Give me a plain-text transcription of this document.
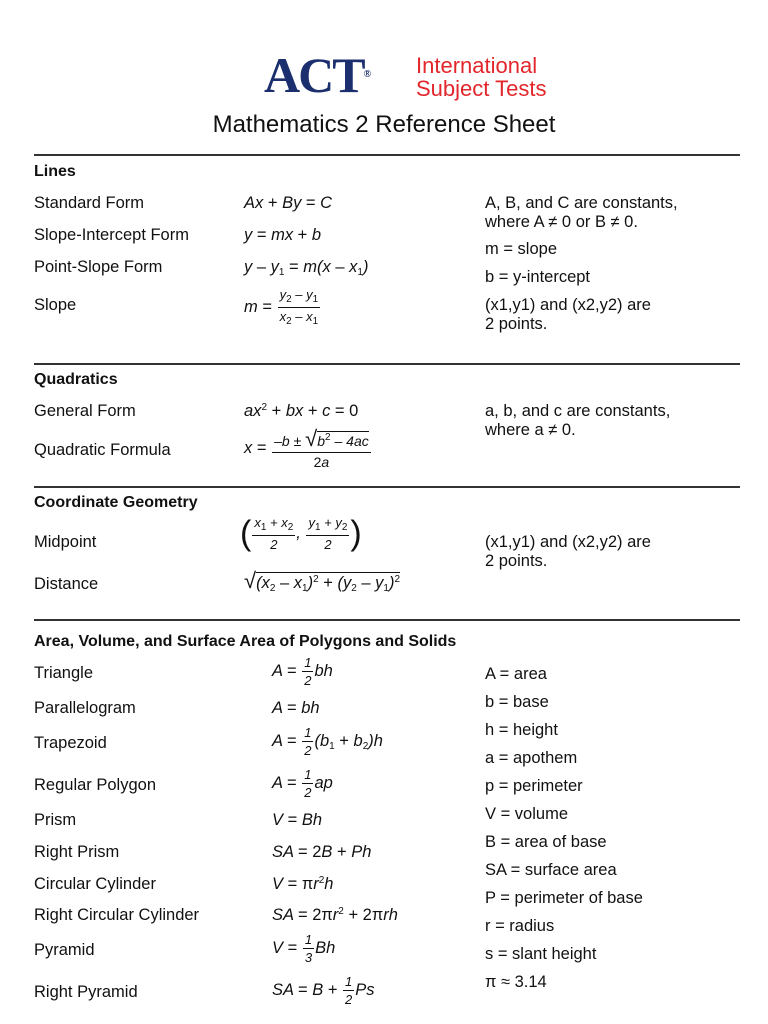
ACT® International
Subject Tests
Mathematics 2 Reference Sheet
Lines
Standard Form
Slope-Intercept Form
Point-Slope Form
Slope
Ax + By = C
y = mx + b
$y - y_1 = m(x - x_1)$
$m = \frac{y_2 - y_1}{x_2 - x_1}$
A, B, and C are constants,
where A ≠ 0 or B ≠ 0.
m = slope
b = y-intercept
(x1,y1) and (x2,y2) are
2 points.
Quadratics
General Form
Quadratic Formula
$ax^2$ + bx + c = 0
$x = \frac{-b \pm √b^2 - 4ac}{2a}$
a, b, and c are constants,
where a ≠ 0.
Coordinate Geometry
Midpoint
Distance
( $\frac{x_1 + x_2}{2}$ , $\frac{y_1 + y_2}{2}$ )
$√(x_2 - x_1)^2 + (y_2 - y_1)^2$
(x1,y1) and (x2,y2) are
2 points.
Area, Volume, and Surface Area of Polygons and Solids
Triangle
Parallelogram
Trapezoid
Regular Polygon
Prism
Right Prism
Circular Cylinder
Right Circular Cylinder
Pyramid
Right Pyramid
$A = \frac{1}{2}$ bh
A = bh
$A = \frac{1}{2} (b_1 + b_2)h$
$A = \frac{1}{2}$ ap
V = Bh
SA = 2B + Ph
$V = \pi r^2h$
SA = $2\pi r^2 + 2\pi rh$
$V = \frac{1}{3}$ Bh
SA = $B + \frac{1}{2}$ Ps
A = area
b = base
h = height
a = apothem
p = perimeter
V = volume
B = area of base
SA = surface area
P = perimeter of base
r = radius
s = slant height
π ≈ 3.14
